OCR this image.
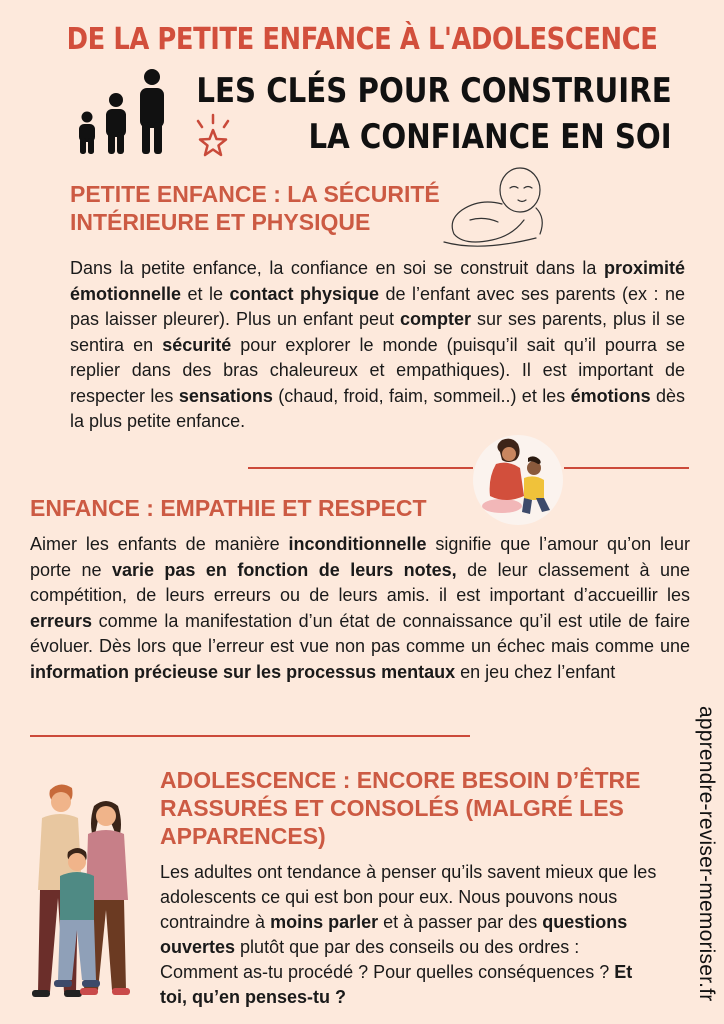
DE LA PETITE ENFANCE À L'ADOLESCENCE
LES CLÉS POUR CONSTRUIRE
LA CONFIANCE EN SOI
PETITE ENFANCE : LA SÉCURITÉ
INTÉRIEURE ET PHYSIQUE
Dans la petite enfance, la confiance en soi se construit dans la proximité émotionnelle et le contact physique de l’enfant avec ses parents (ex : ne pas laisser pleurer). Plus un enfant peut compter sur ses parents, plus il se sentira en sécurité pour explorer le monde (puisqu’il sait qu’il pourra se replier dans des bras chaleureux et empathiques). Il est important de respecter les sensations (chaud, froid, faim, sommeil..) et les émotions dès la plus petite enfance.
ENFANCE : EMPATHIE ET RESPECT
Aimer les enfants de manière inconditionnelle signifie que l’amour qu’on leur porte ne varie pas en fonction de leurs notes, de leur classement à une compétition, de leurs erreurs ou de leurs amis. il est important d’accueillir les erreurs comme la manifestation d’un état de connaissance qu’il est utile de faire évoluer. Dès lors que l’erreur est vue non pas comme un échec mais comme une information précieuse sur les processus mentaux en jeu chez l’enfant
ADOLESCENCE : ENCORE BESOIN D’ÊTRE
RASSURÉS ET CONSOLÉS (MALGRÉ LES
APPARENCES)
Les adultes ont tendance à penser qu’ils savent mieux que les adolescents ce qui est bon pour eux. Nous pouvons nous contraindre à moins parler et à passer par des questions ouvertes plutôt que par des conseils ou des ordres : Comment as-tu procédé ? Pour quelles conséquences ? Et toi, qu’en penses-tu ?	apprendre-reviser-memoriser.fr
